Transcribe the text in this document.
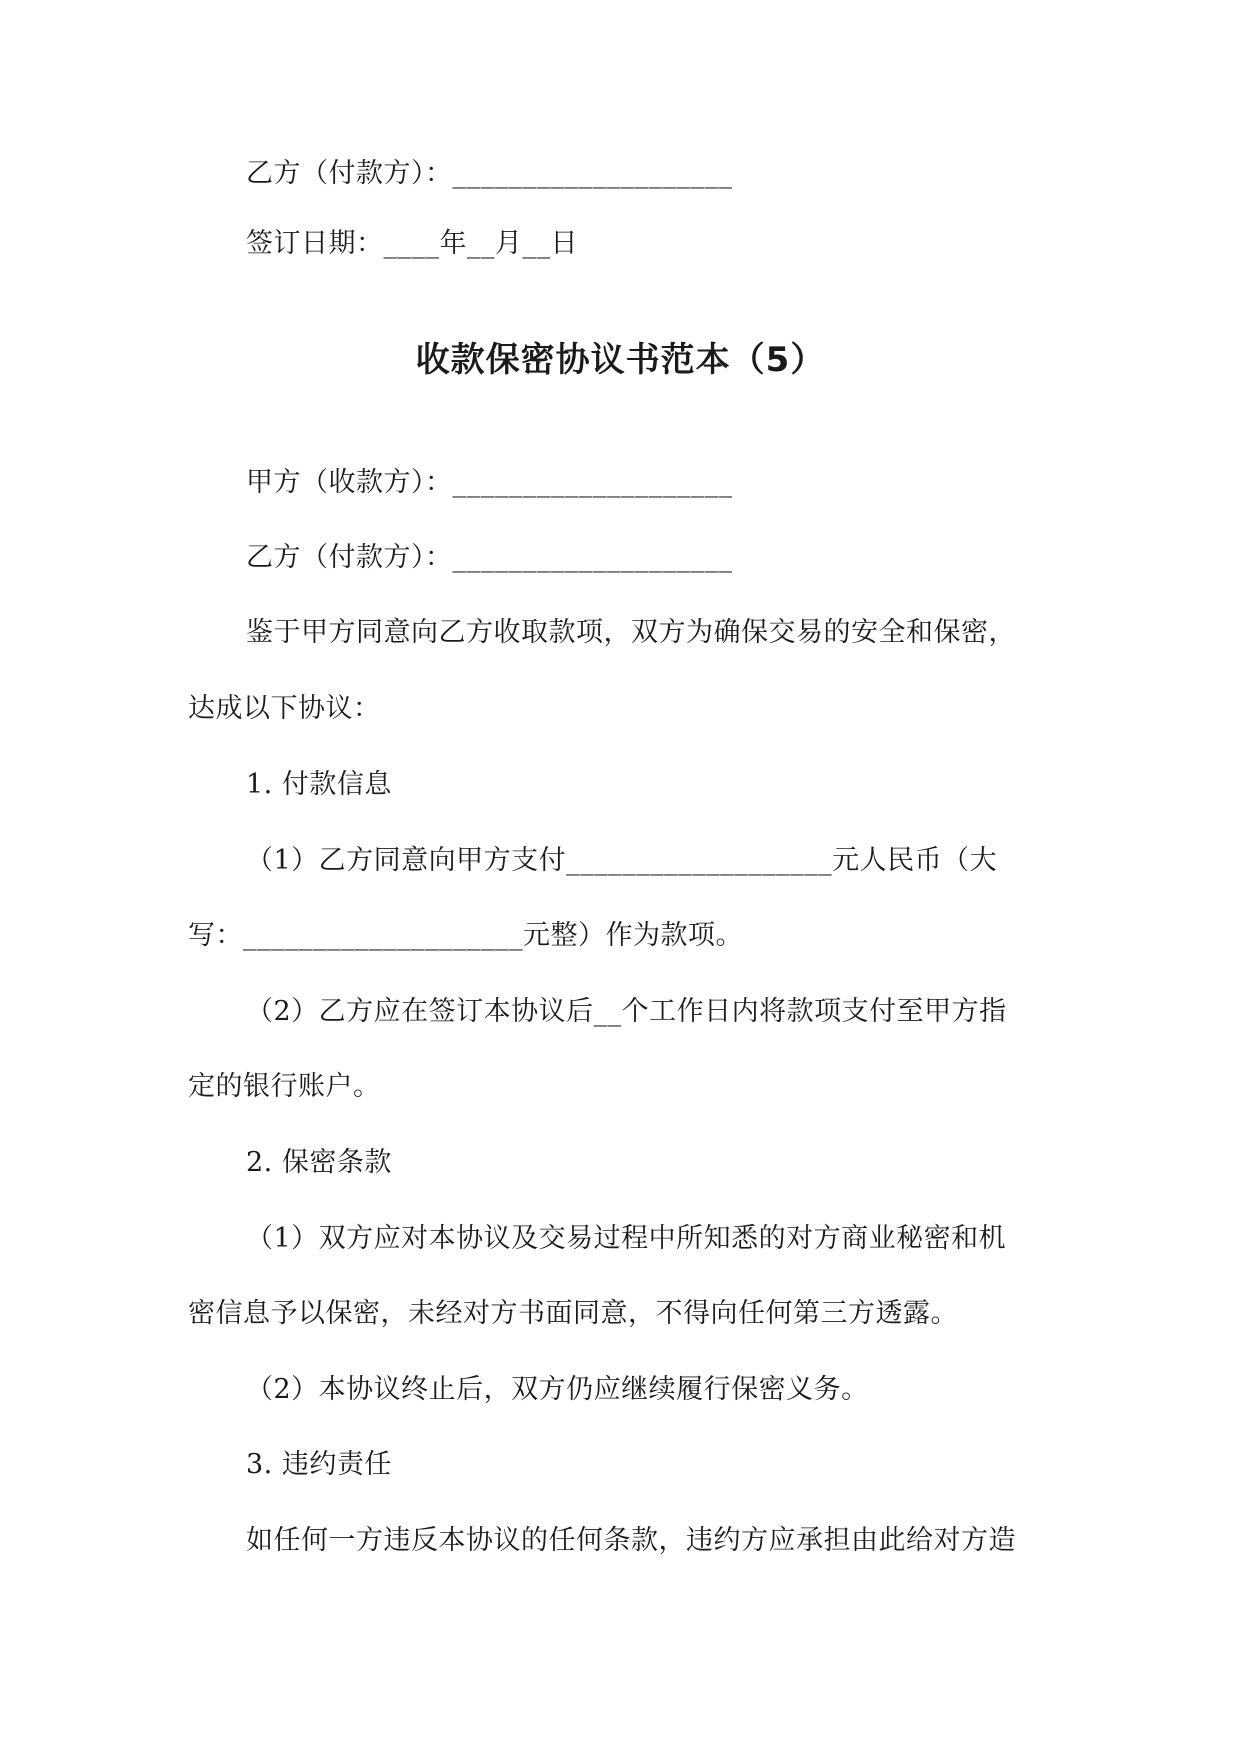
乙方（付款方）：____________________
签订日期：____年__月__日
收款保密协议书范本（5）
甲方（收款方）：____________________
乙方（付款方）：____________________
鉴于甲方同意向乙方收取款项，双方为确保交易的安全和保密，
达成以下协议：
1. 付款信息
（1）乙方同意向甲方支付___________________元人民币（大
写：____________________元整）作为款项。
（2）乙方应在签订本协议后__个工作日内将款项支付至甲方指
定的银行账户。
2. 保密条款
（1）双方应对本协议及交易过程中所知悉的对方商业秘密和机
密信息予以保密，未经对方书面同意，不得向任何第三方透露。
（2）本协议终止后，双方仍应继续履行保密义务。
3. 违约责任
如任何一方违反本协议的任何条款，违约方应承担由此给对方造
